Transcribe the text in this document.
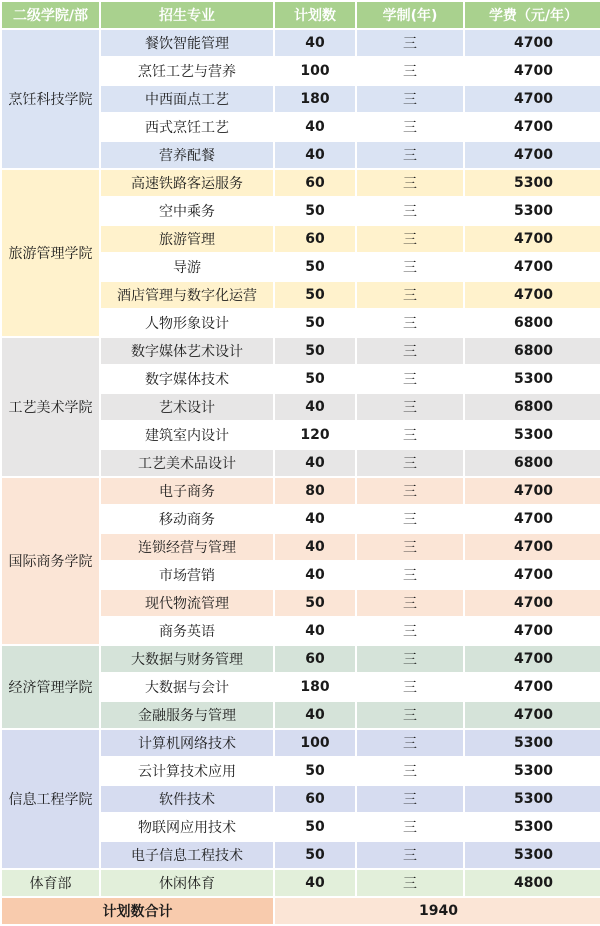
二级学院/部	招生专业	计划数	学制(年)	学费（元/年）
烹饪科技学院	餐饮智能管理	40	三	4700
	烹饪工艺与营养	100	三	4700
	中西面点工艺	180	三	4700
	西式烹饪工艺	40	三	4700
	营养配餐	40	三	4700
旅游管理学院	高速铁路客运服务	60	三	5300
	空中乘务	50	三	5300
	旅游管理	60	三	4700
	导游	50	三	4700
	酒店管理与数字化运营	50	三	4700
	人物形象设计	50	三	6800
工艺美术学院	数字媒体艺术设计	50	三	6800
	数字媒体技术	50	三	5300
	艺术设计	40	三	6800
	建筑室内设计	120	三	5300
	工艺美术品设计	40	三	6800
国际商务学院	电子商务	80	三	4700
	移动商务	40	三	4700
	连锁经营与管理	40	三	4700
	市场营销	40	三	4700
	现代物流管理	50	三	4700
	商务英语	40	三	4700
经济管理学院	大数据与财务管理	60	三	4700
	大数据与会计	180	三	4700
	金融服务与管理	40	三	4700
信息工程学院	计算机网络技术	100	三	5300
	云计算技术应用	50	三	5300
	软件技术	60	三	5300
	物联网应用技术	50	三	5300
	电子信息工程技术	50	三	5300
体育部	休闲体育	40	三	4800
计划数合计		1940		
